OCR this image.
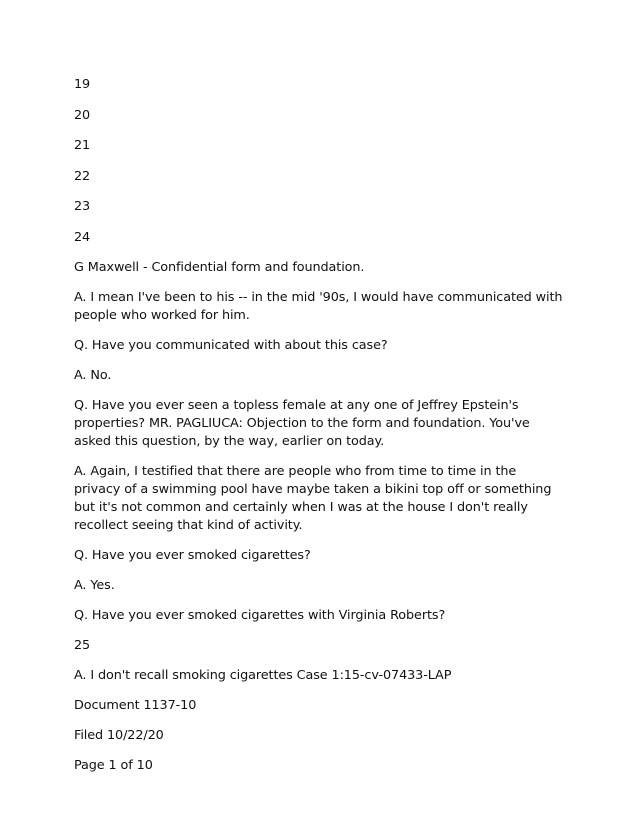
19

20

21

22

23

24

G Maxwell - Confidential form and foundation.

A. I mean I've been to his -- in the mid '90s, I would have communicated with people who worked for him.

Q. Have you communicated with about this case?

A. No.

Q. Have you ever seen a topless female at any one of Jeffrey Epstein's properties? MR. PAGLIUCA: Objection to the form and foundation. You've asked this question, by the way, earlier on today.

A. Again, I testified that there are people who from time to time in the privacy of a swimming pool have maybe taken a bikini top off or something but it's not common and certainly when I was at the house I don't really recollect seeing that kind of activity.

Q. Have you ever smoked cigarettes?

A. Yes.

Q. Have you ever smoked cigarettes with Virginia Roberts?

25

A. I don't recall smoking cigarettes Case 1:15-cv-07433-LAP

Document 1137-10

Filed 10/22/20

Page 1 of 10
